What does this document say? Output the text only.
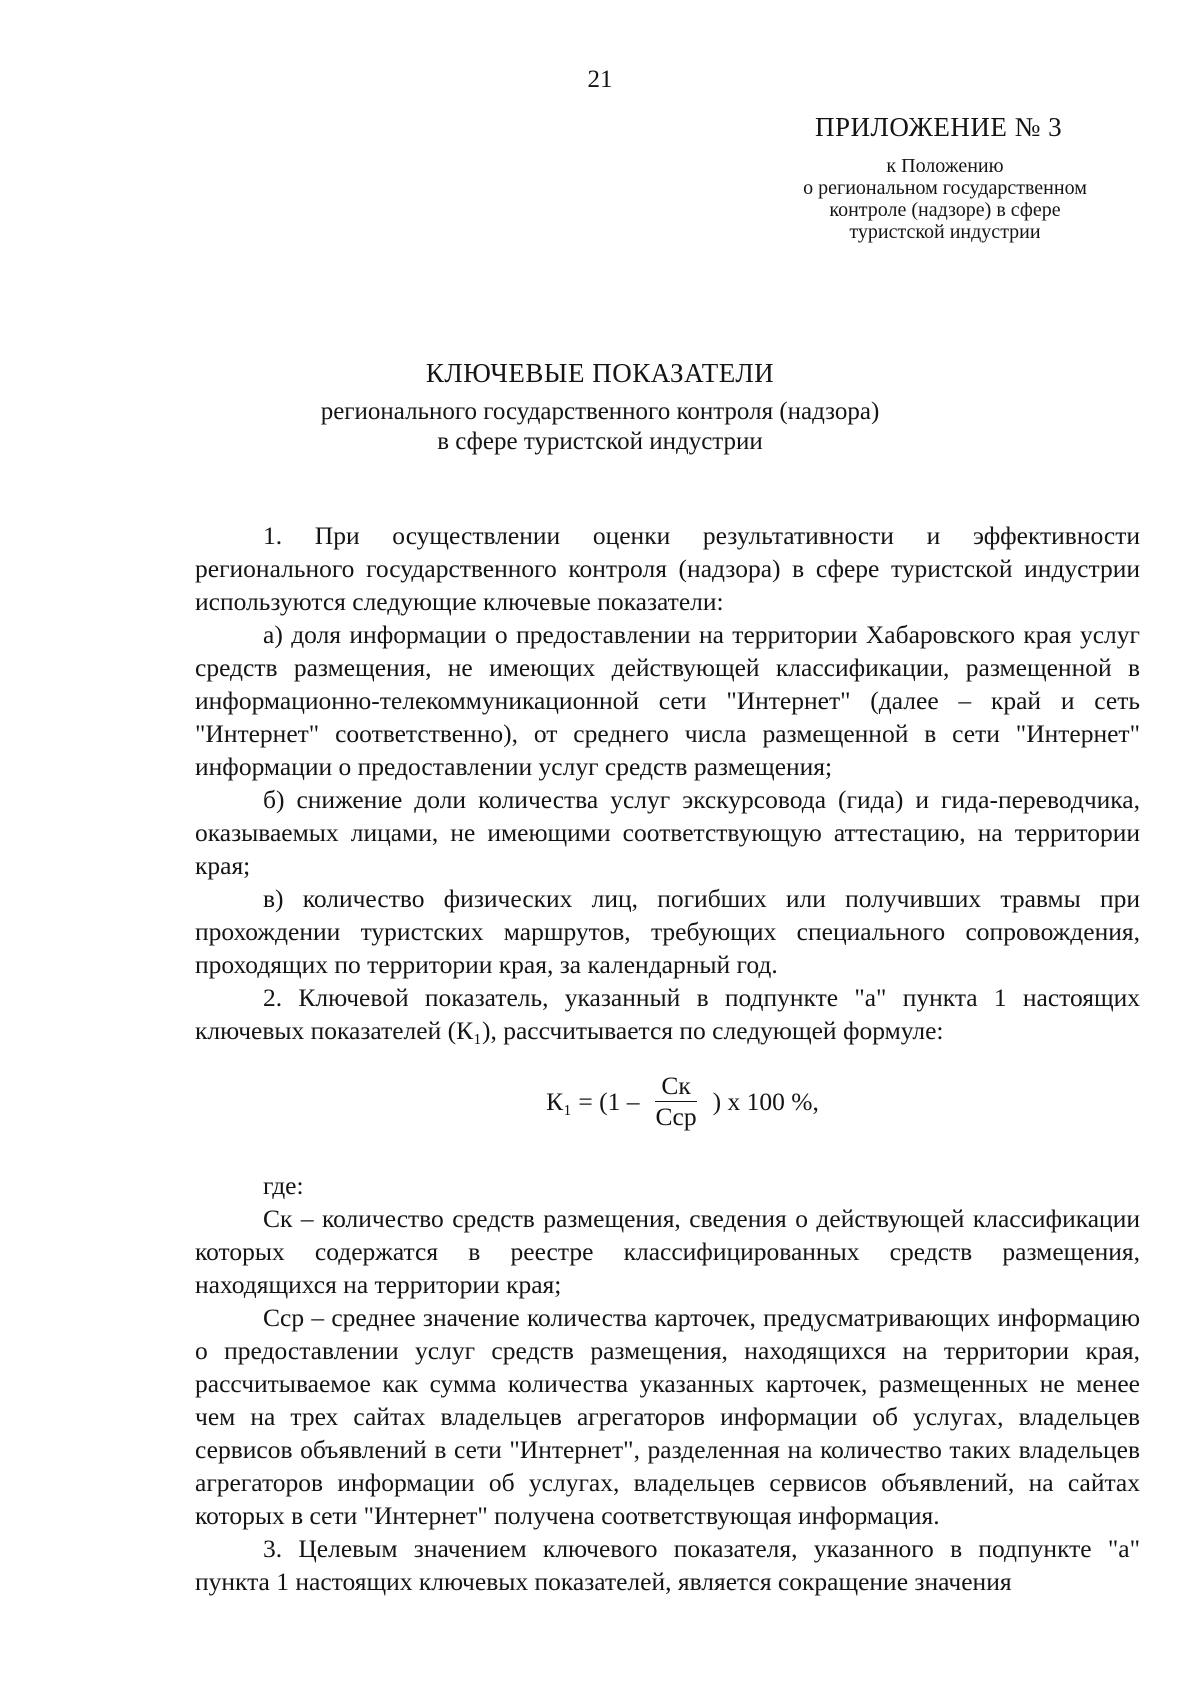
21
ПРИЛОЖЕНИЕ № 3
к Положению
о региональном государственном
контроле (надзоре) в сфере
туристской индустрии
КЛЮЧЕВЫЕ ПОКАЗАТЕЛИ
регионального государственного контроля (надзора)
в сфере туристской индустрии

1. При осуществлении оценки результативности и эффективности регионального государственного контроля (надзора) в сфере туристской индустрии используются следующие ключевые показатели:

а) доля информации о предоставлении на территории Хабаровского края услуг средств размещения, не имеющих действующей классификации, размещенной в информационно-телекоммуникационной сети "Интернет" (далее – край и сеть "Интернет" соответственно), от среднего числа размещенной в сети "Интернет" информации о предоставлении услуг средств размещения;

б) снижение доли количества услуг экскурсовода (гида) и гида-переводчика, оказываемых лицами, не имеющими соответствующую аттестацию, на территории края;

в) количество физических лиц, погибших или получивших травмы при прохождении туристских маршрутов, требующих специального сопровождения, проходящих по территории края, за календарный год.

2. Ключевой показатель, указанный в подпункте "а" пункта 1 настоящих ключевых показателей (К₁), рассчитывается по следующей формуле:

$К_1 = (1 - \frac{Cк}{\text{Cср}}$ ) х 100 %,

где:

Cк – количество средств размещения, сведения о действующей классификации которых содержатся в реестре классифицированных средств размещения, находящихся на территории края;

Cср – среднее значение количества карточек, предусматривающих информацию о предоставлении услуг средств размещения, находящихся на территории края, рассчитываемое как сумма количества указанных карточек, размещенных не менее чем на трех сайтах владельцев агрегаторов информации об услугах, владельцев сервисов объявлений в сети "Интернет", разделенная на количество таких владельцев агрегаторов информации об услугах, владельцев сервисов объявлений, на сайтах которых в сети "Интернет" получена соответствующая информация.

3. Целевым значением ключевого показателя, указанного в подпункте "а" пункта 1 настоящих ключевых показателей, является сокращение значения
